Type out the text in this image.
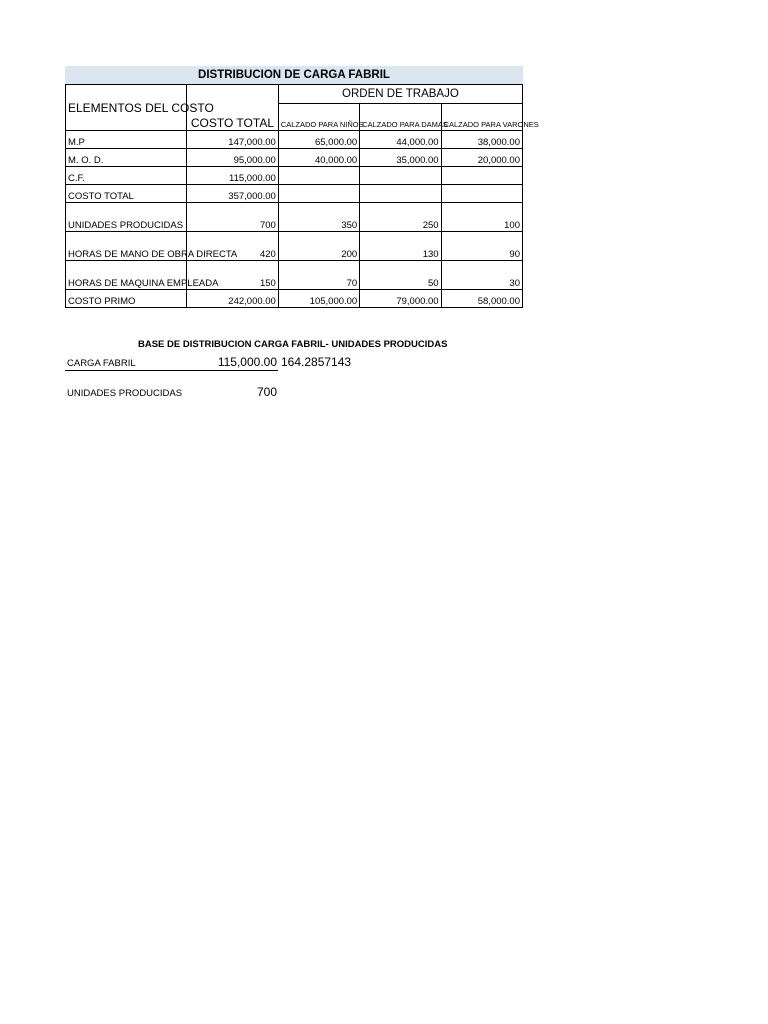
DISTRIBUCION DE CARGA FABRIL
ELEMENTOS DEL COSTO	COSTO TOTAL	ORDEN DE TRABAJO		
		CALZADO PARA NIÑOS	CALZADO PARA DAMAS	CALZADO PARA VARONES
M.P	147,000.00	65,000.00	44,000.00	38,000.00
M. O. D.	95,000.00	40,000.00	35,000.00	20,000.00
C.F.	115,000.00			
COSTO TOTAL	357,000.00			
UNIDADES PRODUCIDAS	700	350	250	100
HORAS DE MANO DE OBRA DIRECTA	420	200	130	90
HORAS DE MAQUINA EMPLEADA	150	70	50	30
COSTO PRIMO	242,000.00	105,000.00	79,000.00	58,000.00
BASE DE DISTRIBUCION CARGA FABRIL- UNIDADES PRODUCIDAS
CARGA FABRIL	115,000.00 164.2857143
UNIDADES PRODUCIDAS	700
